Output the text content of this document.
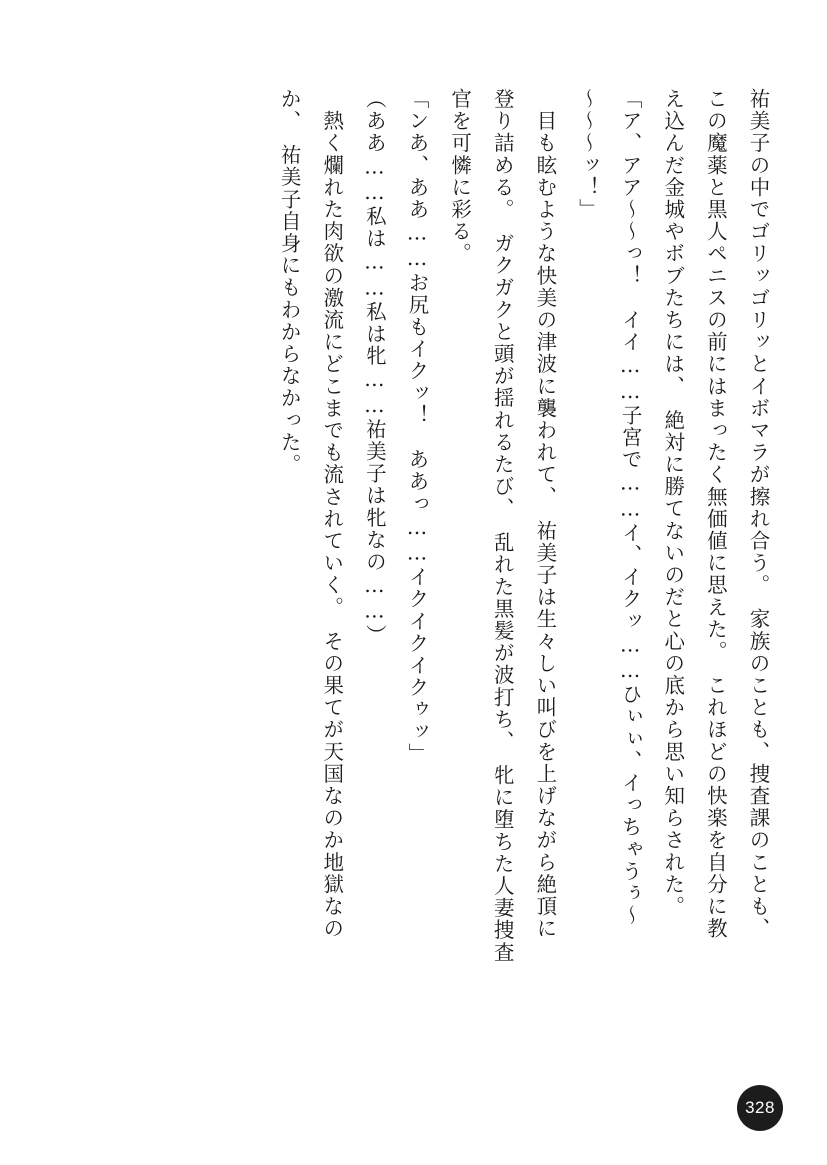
祐美子の中でゴリッゴリッとイボマラが擦れ合う。　家族のことも、捜査課のことも、

この魔薬と黒人ペニスの前にはまったく無価値に思えた。　これほどの快楽を自分に教

え込んだ金城やボブたちには、　絶対に勝てないのだと心の底から思い知らされた。

「ア、アア〜〜っ！　イイ……子宮で……イ、イクッ……ひぃぃ、イっちゃうぅ〜

〜〜〜ッ！」

　目も眩むような快美の津波に襲われて、　祐美子は生々しい叫びを上げながら絶頂に

登り詰める。　ガクガクと頭が揺れるたび、　乱れた黒髪が波打ち、　牝に堕ちた人妻捜査

官を可憐に彩る。

「ンあ、ああ……お尻もイクッ！　ああっ……イクイクイクゥッ」

（ああ……私は……私は牝……祐美子は牝なの……）

　熱く爛れた肉欲の激流にどこまでも流されていく。　その果てが天国なのか地獄なの

か、　祐美子自身にもわからなかった。

328
